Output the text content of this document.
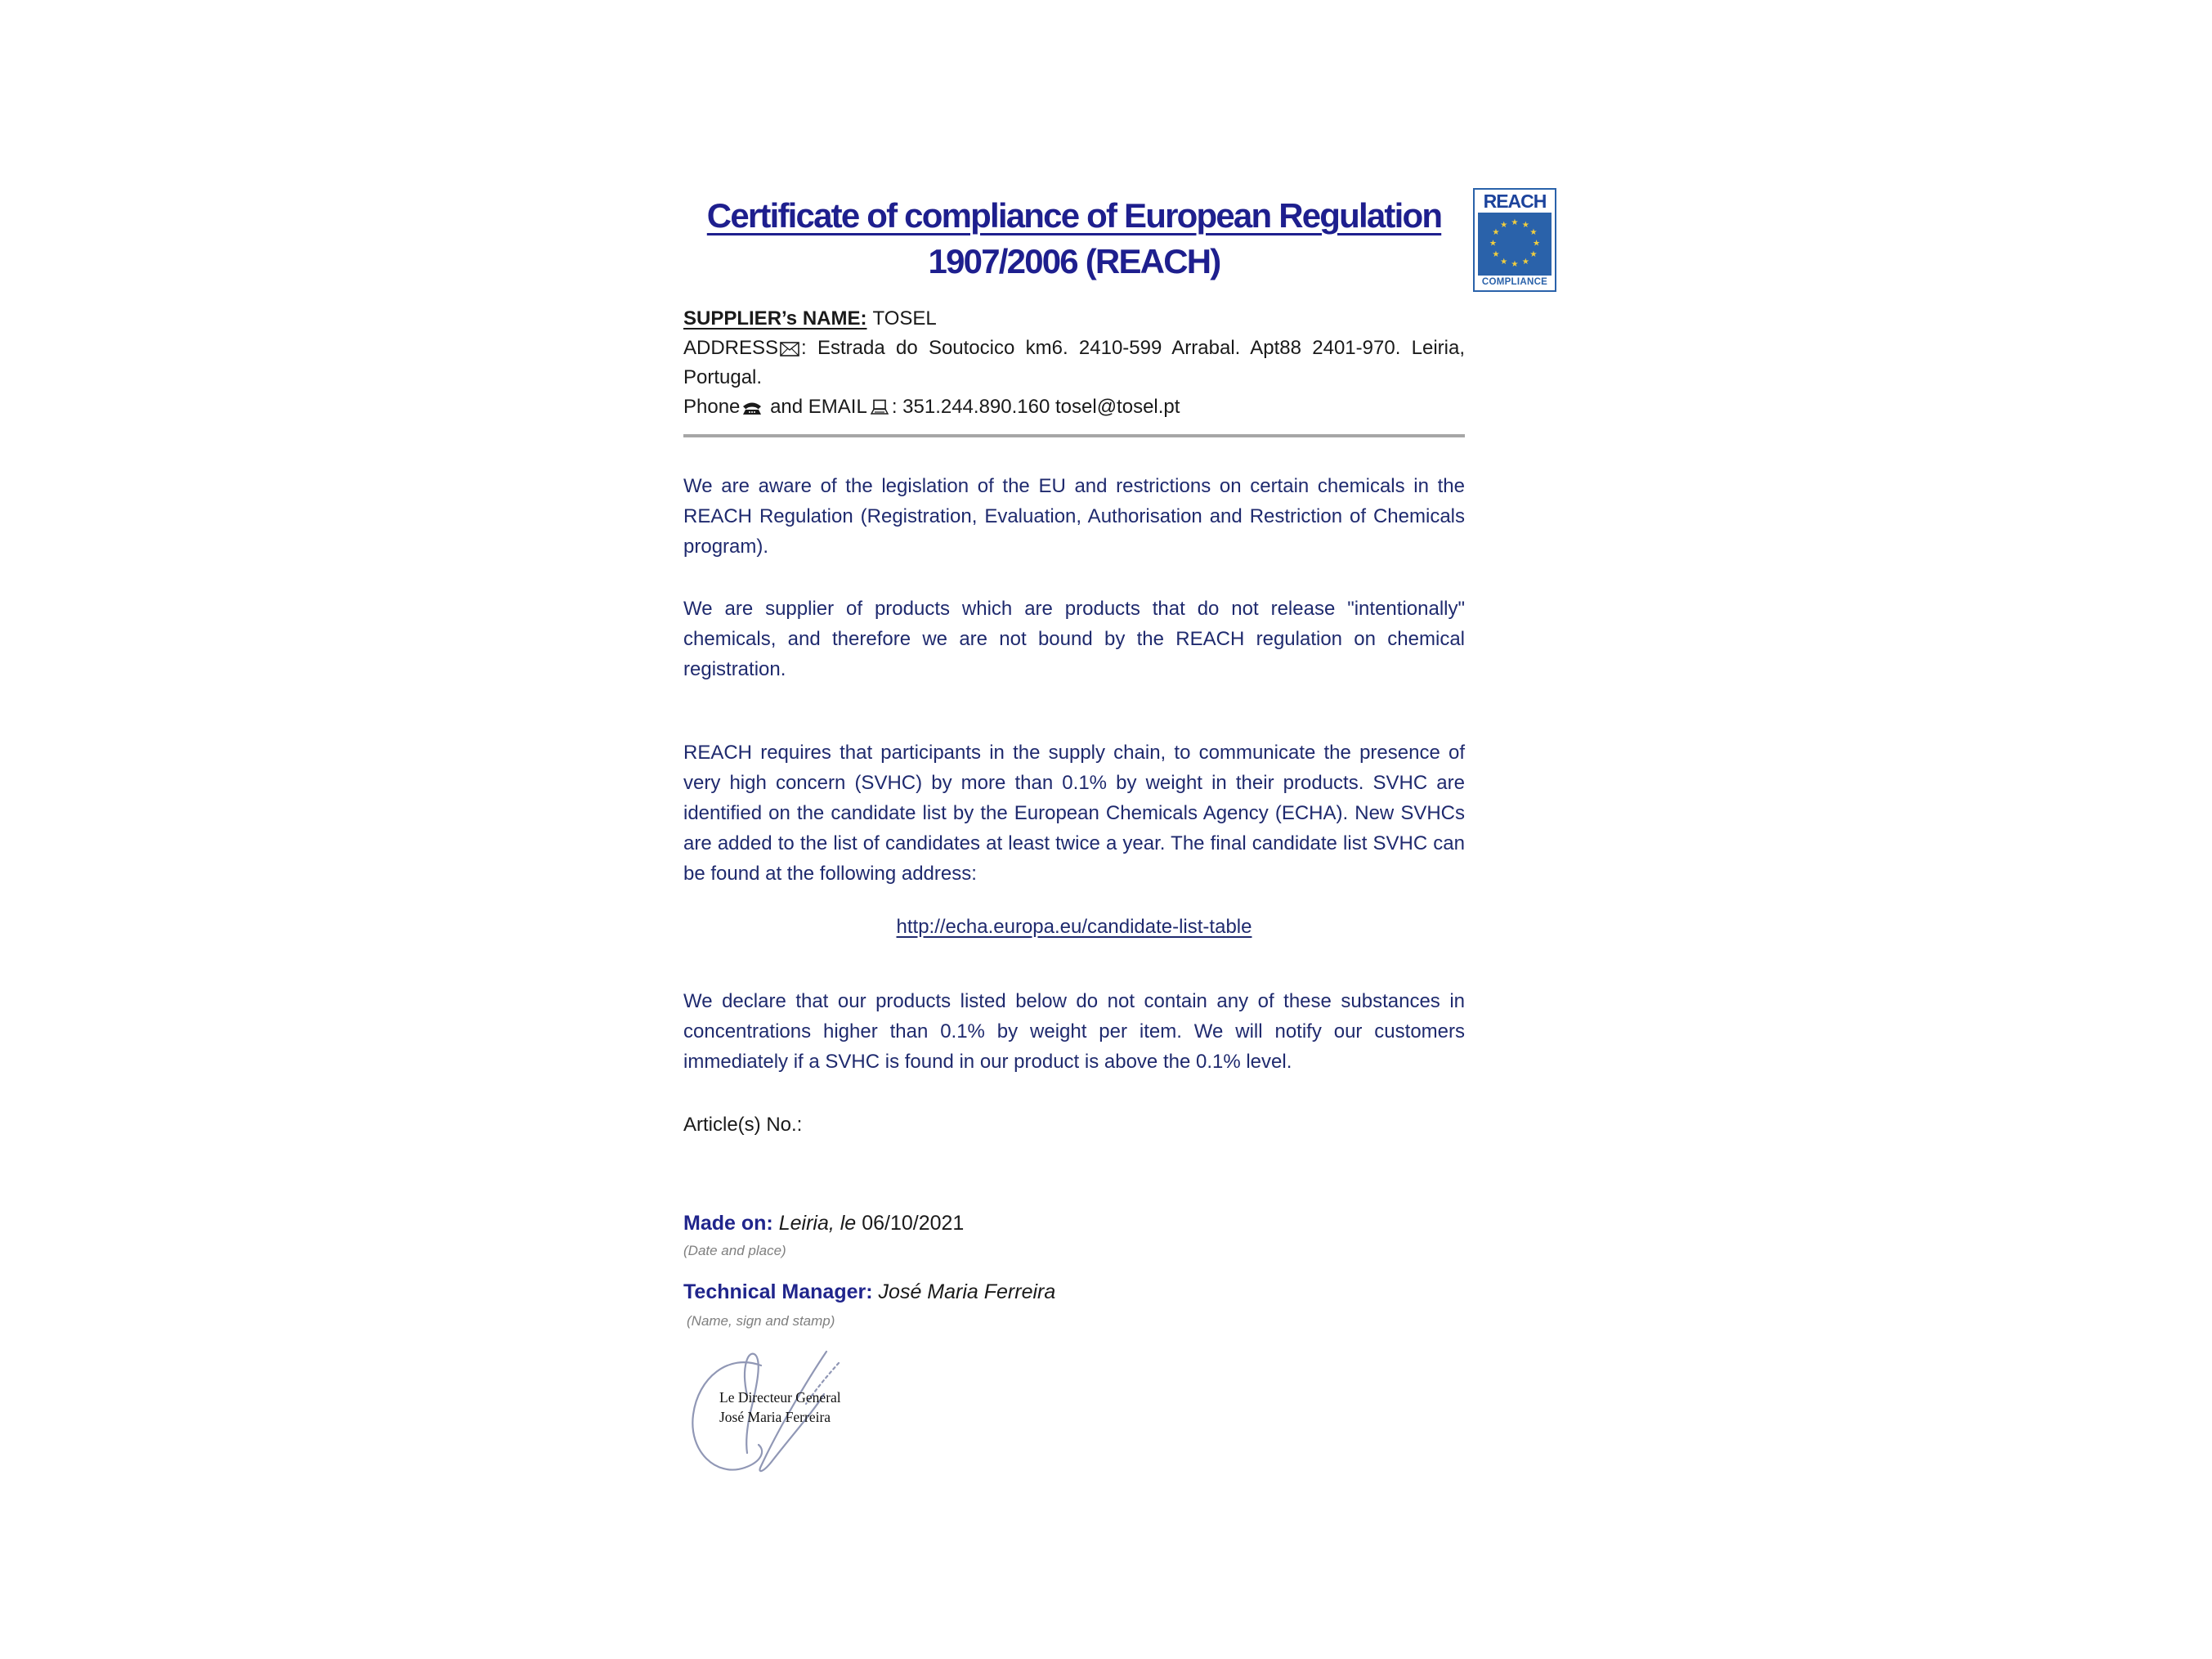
REACH
★ ★
★
★
★
★
★
★
★
★
★
★
COMPLIANCE
Certificate of compliance of European Regulation
1907/2006 (REACH)

SUPPLIER’s NAME: TOSEL

ADDRESS : Estrada do Soutocico km6. 2410-599 Arrabal. Apt88 2401-970. Leiria, Portugal.

Phone and EMAIL : 351.244.890.160 tosel@tosel.pt

We are aware of the legislation of the EU and restrictions on certain chemicals in the REACH Regulation (Registration, Evaluation, Authorisation and Restriction of Chemicals program).

We are supplier of products which are products that do not release "intentionally" chemicals, and therefore we are not bound by the REACH regulation on chemical registration.

REACH requires that participants in the supply chain, to communicate the presence of very high concern (SVHC) by more than 0.1% by weight in their products. SVHC are identified on the candidate list by the European Chemicals Agency (ECHA). New SVHCs are added to the list of candidates at least twice a year. The final candidate list SVHC can be found at the following address:

http://echa.europa.eu/candidate-list-table

We declare that our products listed below do not contain any of these substances in concentrations higher than 0.1% by weight per item. We will notify our customers immediately if a SVHC is found in our product is above the 0.1% level.

Article(s) No.:

Made on: Leiria, le 06/10/2021
(Date and place)
Technical Manager: José Maria Ferreira
(Name, sign and stamp)
Le Directeur General
José Maria Ferreira
